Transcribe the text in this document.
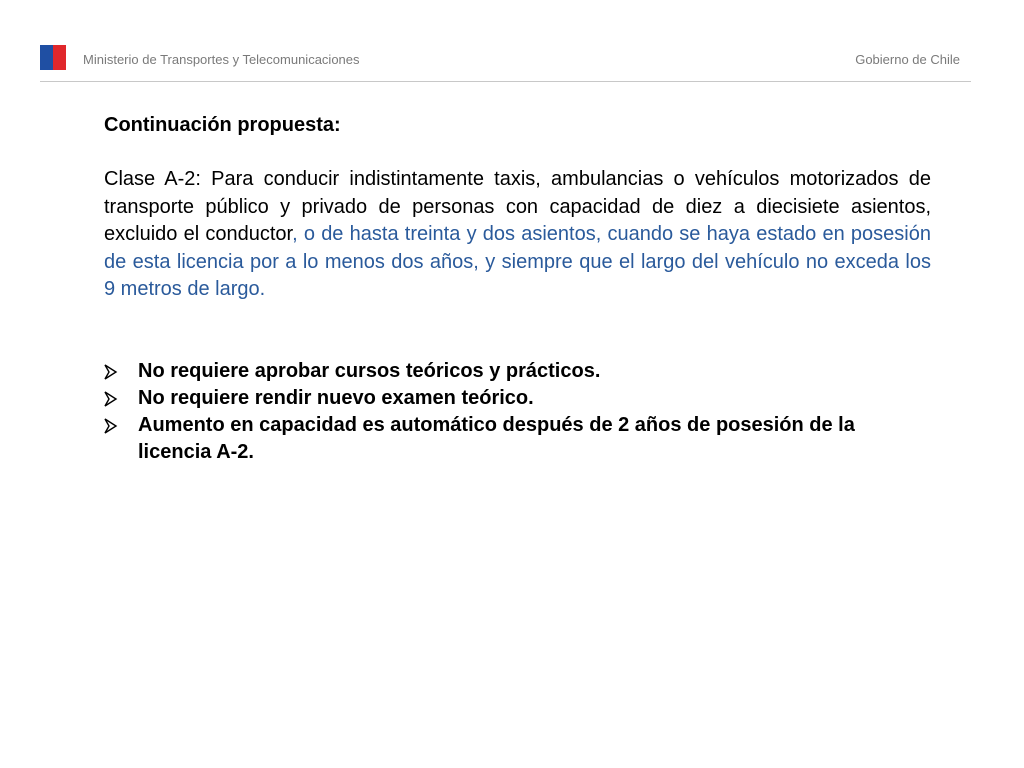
Ministerio de Transportes y Telecomunicaciones	Gobierno de Chile

Continuación propuesta:

Clase A-2: Para conducir indistintamente taxis, ambulancias o vehículos motorizados de transporte público y privado de personas con capacidad de diez a diecisiete asientos, excluido el conductor, o de hasta treinta y dos asientos, cuando se haya estado en posesión de esta licencia por a lo menos dos años, y siempre que el largo del vehículo no exceda los 9 metros de largo.

No requiere aprobar cursos teóricos y prácticos.
No requiere rendir nuevo examen teórico.
Aumento en capacidad es automático después de 2 años de posesión de la licencia A-2.
